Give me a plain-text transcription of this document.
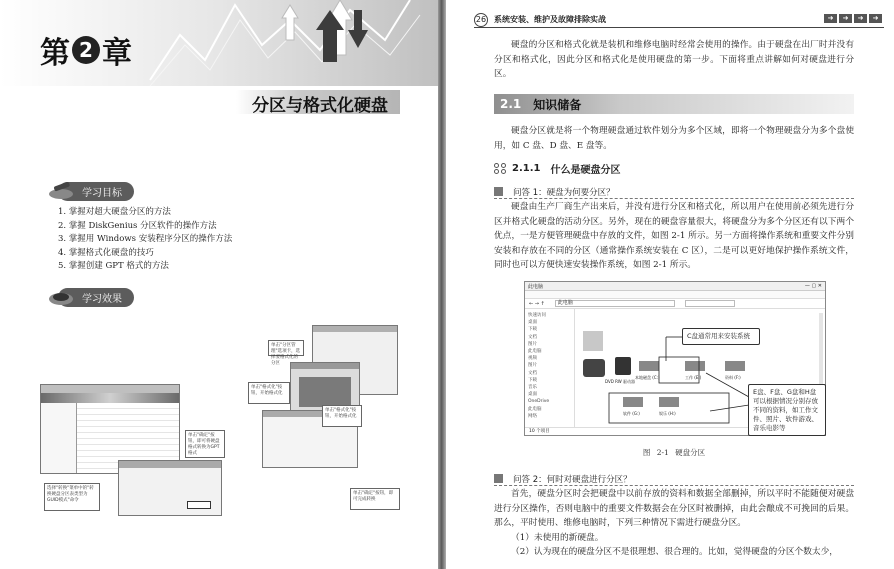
第 2 章
分区与格式化硬盘
学习目标
1. 掌握对超大硬盘分区的方法
2. 掌握 DiskGenius 分区软件的操作方法
3. 掌握用 Windows 安装程序分区的操作方法
4. 掌握格式化硬盘的技巧
5. 掌握创建 GPT 格式的方法
学习效果
单击"确定"按钮，即可将硬盘格式转换为GPT格式
选择"转换"菜单中的"转换硬盘分区表类型为GUID模式"命令
单击"分区管理"选项卡，选择要格式化的分区
单击"格式化"按钮，开始格式化
单击"格式化"按钮，开始格式化
单击"确定"按钮，即可完成转换
26 系统安装、维护及故障排除实战	➜	➜	➜	➜

硬盘的分区和格式化就是装机和维修电脑时经常会使用的操作。由于硬盘在出厂时并没有分区和格式化，因此分区和格式化是使用硬盘的第一步。下面将重点讲解如何对硬盘进行分区。

2.1 知识储备

硬盘分区就是将一个物理硬盘通过软件划分为多个区域，即将一个物理硬盘分为多个盘使用，如 C 盘、D 盘、E 盘等。

2.1.1 什么是硬盘分区
问答 1：硬盘为何要分区？

硬盘由生产厂商生产出来后，并没有进行分区和格式化，所以用户在使用前必须先进行分区并格式化硬盘的活动分区。另外，现在的硬盘容量很大，将硬盘分为多个分区还有以下两个优点，一是方便管理硬盘中存放的文件，如图 2-1 所示。另一方面将操作系统和重要文件分别安装和存放在不同的分区（通常操作系统安装在 C 区），二是可以更好地保护操作系统文件，同时也可以方便快速安装操作系统，如图 2-1 所示。

此电脑	— ▢ ✕
← → ↑	此电脑
快速访问
桌面
下载
文档
图片
此电脑
视频
图片
文档
下载
音乐
桌面
OneDrive
此电脑
网络
工作 (E:)	资料 (F:)
软件 (G:)	娱乐 (H:)
本地磁盘 (C:)
DVD RW 驱动器
10 个项目
C盘通常用来安装系统
E盘、F盘、G盘和H盘可以根据情况分别存放不同的资料，如工作文件、照片、软件游戏、音乐电影等
图 2-1 硬盘分区
问答 2：何时对硬盘进行分区？

首先，硬盘分区时会把硬盘中以前存放的资料和数据全部删掉，所以平时不能随便对硬盘进行分区操作，否则电脑中的重要文件数据会在分区时被删掉，由此会酿成不可挽回的后果。那么，平时使用、维修电脑时，下列三种情况下需进行硬盘分区。

（1）未使用的新硬盘。

（2）认为现在的硬盘分区不是很理想、很合理的。比如，觉得硬盘的分区个数太少，
